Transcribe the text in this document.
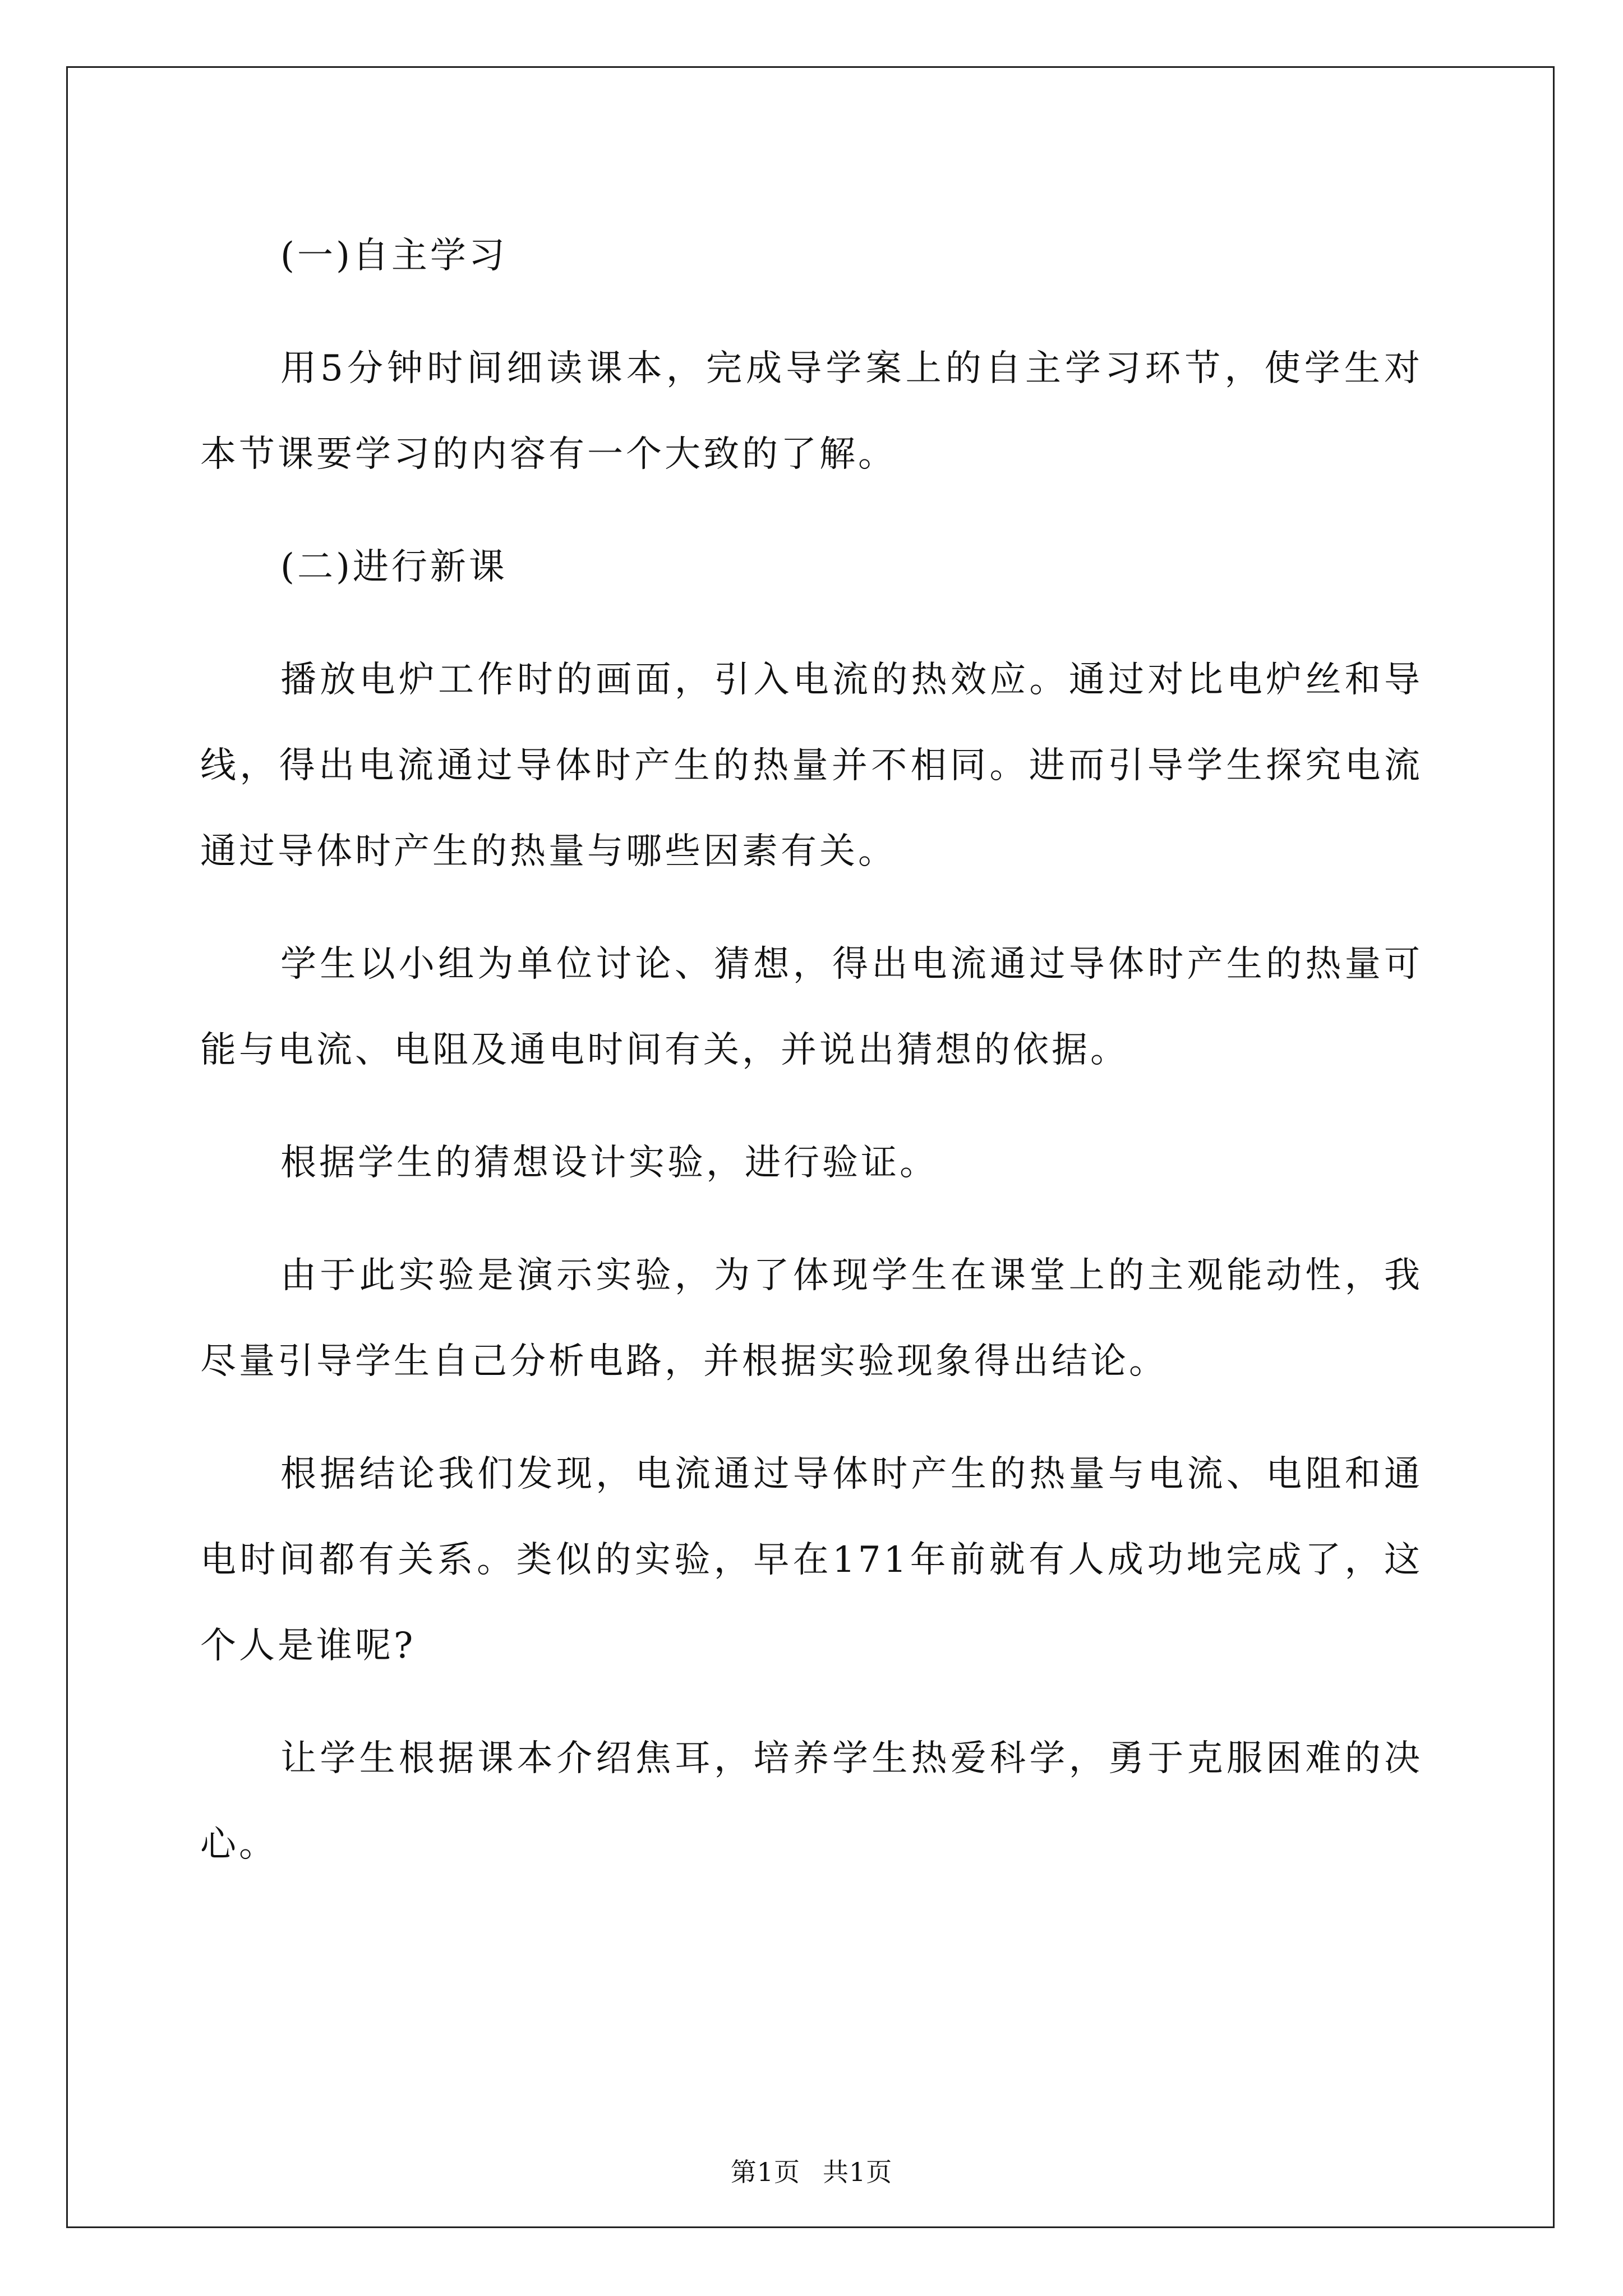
(一)自主学习

用5分钟时间细读课本，完成导学案上的自主学习环节，使学生对本节课要学习的内容有一个大致的了解。

(二)进行新课

播放电炉工作时的画面，引入电流的热效应。通过对比电炉丝和导线，得出电流通过导体时产生的热量并不相同。进而引导学生探究电流通过导体时产生的热量与哪些因素有关。

学生以小组为单位讨论、猜想，得出电流通过导体时产生的热量可能与电流、电阻及通电时间有关，并说出猜想的依据。

根据学生的猜想设计实验，进行验证。

由于此实验是演示实验，为了体现学生在课堂上的主观能动性，我尽量引导学生自己分析电路，并根据实验现象得出结论。

根据结论我们发现，电流通过导体时产生的热量与电流、电阻和通电时间都有关系。类似的实验，早在171年前就有人成功地完成了，这个人是谁呢?

让学生根据课本介绍焦耳，培养学生热爱科学，勇于克服困难的决心。

第1页 共1页
